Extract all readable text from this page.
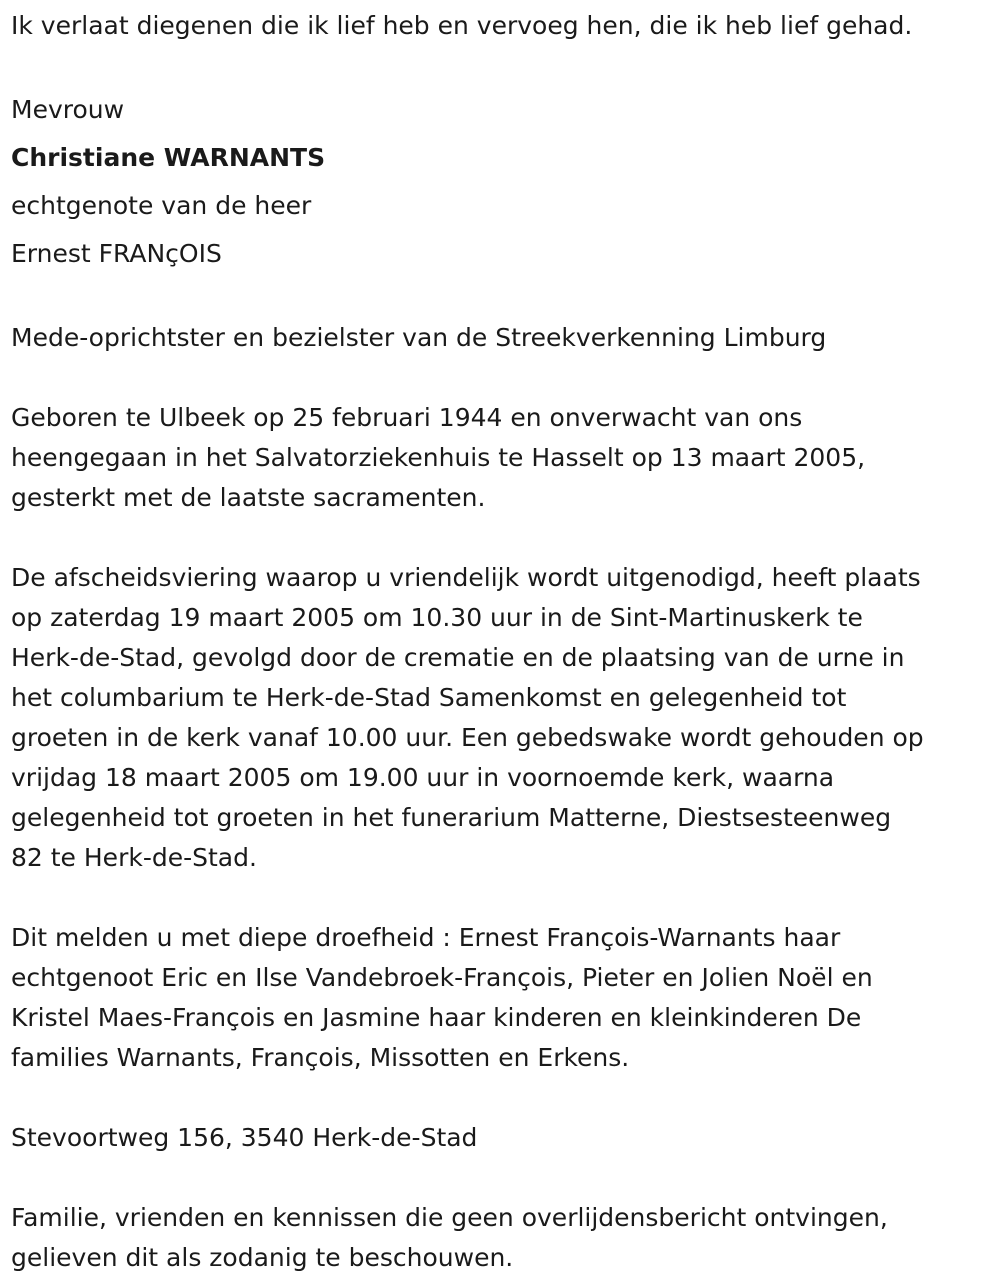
Ik verlaat diegenen die ik lief heb en vervoeg hen, die ik heb lief gehad.

Mevrouw
Christiane WARNANTS
echtgenote van de heer
Ernest FRANçOIS

Mede-oprichtster en bezielster van de Streekverkenning Limburg

Geboren te Ulbeek op 25 februari 1944 en onverwacht van ons
heengegaan in het Salvatorziekenhuis te Hasselt op 13 maart 2005,
gesterkt met de laatste sacramenten.
De afscheidsviering waarop u vriendelijk wordt uitgenodigd, heeft plaats
op zaterdag 19 maart 2005 om 10.30 uur in de Sint-Martinuskerk te
Herk-de-Stad, gevolgd door de crematie en de plaatsing van de urne in
het columbarium te Herk-de-Stad Samenkomst en gelegenheid tot
groeten in de kerk vanaf 10.00 uur. Een gebedswake wordt gehouden op
vrijdag 18 maart 2005 om 19.00 uur in voornoemde kerk, waarna
gelegenheid tot groeten in het funerarium Matterne, Diestsesteenweg
82 te Herk-de-Stad.
Dit melden u met diepe droefheid : Ernest François-Warnants haar
echtgenoot Eric en Ilse Vandebroek-François, Pieter en Jolien Noël en
Kristel Maes-François en Jasmine haar kinderen en kleinkinderen De
families Warnants, François, Missotten en Erkens.

Stevoortweg 156, 3540 Herk-de-Stad

Familie, vrienden en kennissen die geen overlijdensbericht ontvingen,
gelieven dit als zodanig te beschouwen.
